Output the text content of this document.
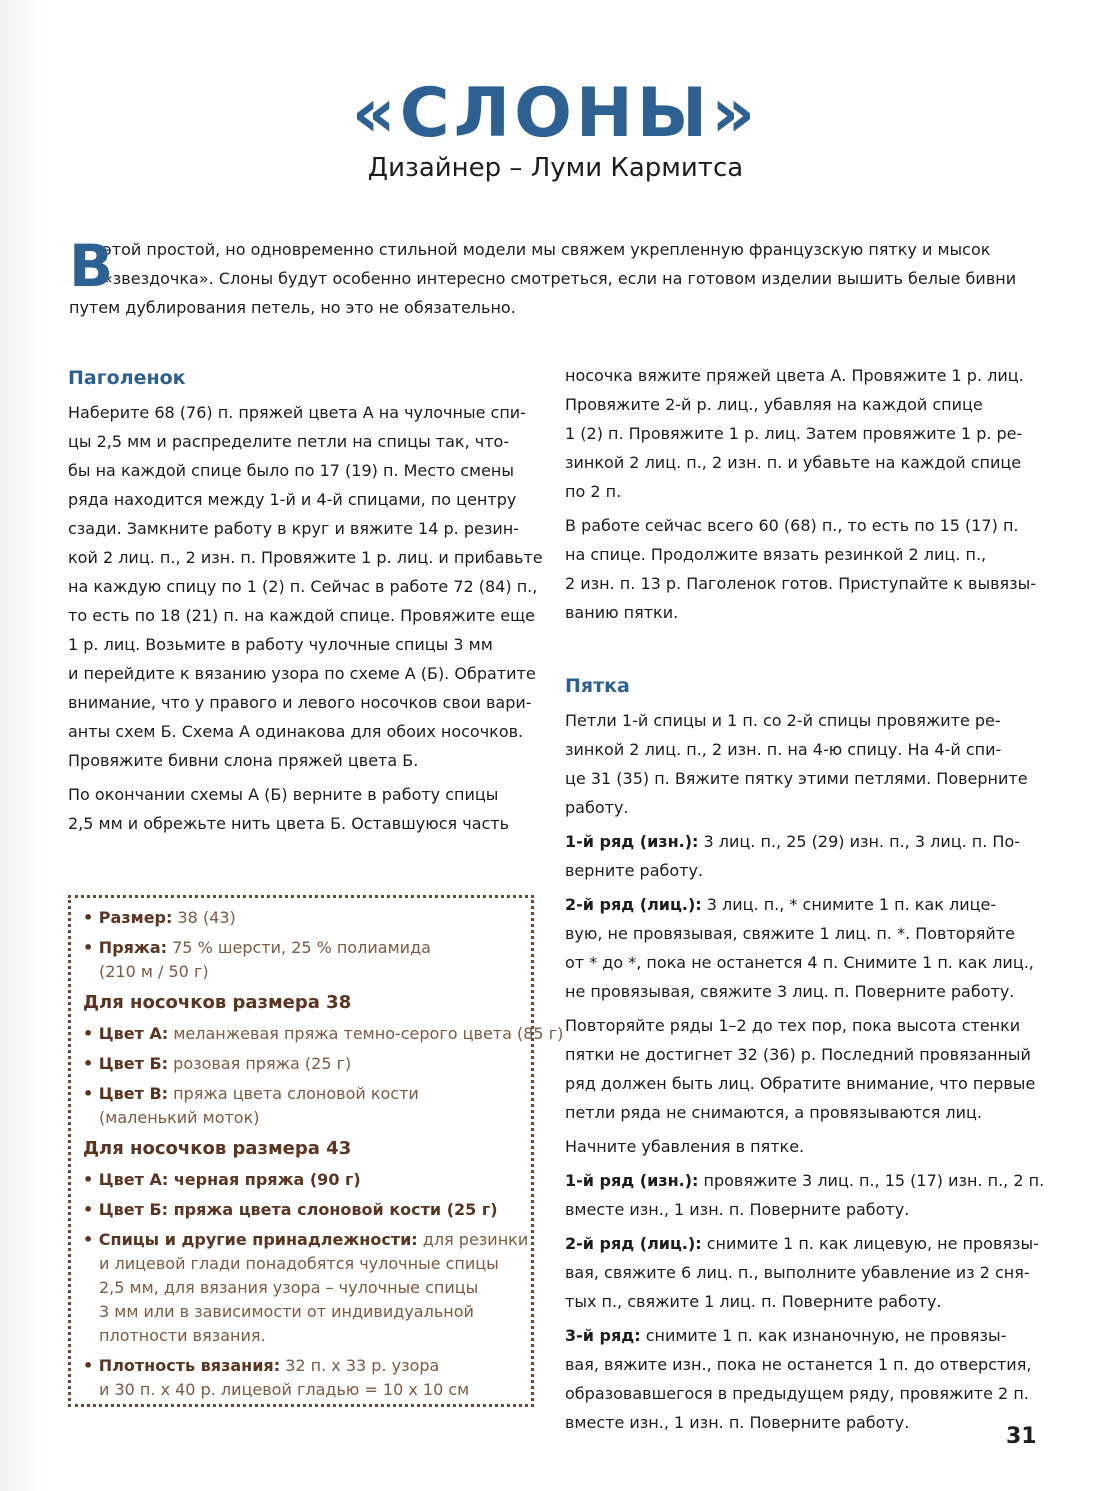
«СЛОНЫ»
Дизайнер – Луми Кармитса
В
этой простой, но одновременно стильной модели мы свяжем укрепленную французскую пятку и мысок
«звездочка». Слоны будут особенно интересно смотреться, если на готовом изделии вышить белые бивни
путем дублирования петель, но это не обязательно.
Паголенок

Наберите 68 (76) п. пряжей цвета А на чулочные спи-
цы 2,5 мм и распределите петли на спицы так, что-
бы на каждой спице было по 17 (19) п. Место смены
ряда находится между 1-й и 4-й спицами, по центру
сзади. Замкните работу в круг и вяжите 14 р. резин-
кой 2 лиц. п., 2 изн. п. Провяжите 1 р. лиц. и прибавьте
на каждую спицу по 1 (2) п. Сейчас в работе 72 (84) п.,
то есть по 18 (21) п. на каждой спице. Провяжите еще
1 р. лиц. Возьмите в работу чулочные спицы 3 мм
и перейдите к вязанию узора по схеме А (Б). Обратите
внимание, что у правого и левого носочков свои вари-
анты схем Б. Схема А одинакова для обоих носочков.
Провяжите бивни слона пряжей цвета Б.

По окончании схемы А (Б) верните в работу спицы
2,5 мм и обрежьте нить цвета Б. Оставшуюся часть

• Размер: 38 (43)
• Пряжа: 75 % шерсти, 25 % полиамида
(210 м / 50 г)
Для носочков размера 38
• Цвет А: меланжевая пряжа темно-серого цвета (85 г)
• Цвет Б: розовая пряжа (25 г)
• Цвет В: пряжа цвета слоновой кости
(маленький моток)
Для носочков размера 43
• Цвет А: черная пряжа (90 г)
• Цвет Б: пряжа цвета слоновой кости (25 г)
• Спицы и другие принадлежности: для резинки
и лицевой глади понадобятся чулочные спицы
2,5 мм, для вязания узора – чулочные спицы
3 мм или в зависимости от индивидуальной
плотности вязания.
• Плотность вязания: 32 п. х 33 р. узора
и 30 п. х 40 р. лицевой гладью = 10 х 10 см

носочка вяжите пряжей цвета А. Провяжите 1 р. лиц.
Провяжите 2-й р. лиц., убавляя на каждой спице
1 (2) п. Провяжите 1 р. лиц. Затем провяжите 1 р. ре-
зинкой 2 лиц. п., 2 изн. п. и убавьте на каждой спице
по 2 п.

В работе сейчас всего 60 (68) п., то есть по 15 (17) п.
на спице. Продолжите вязать резинкой 2 лиц. п.,
2 изн. п. 13 р. Паголенок готов. Приступайте к вывязы-
ванию пятки.

Пятка

Петли 1-й спицы и 1 п. со 2-й спицы провяжите ре-
зинкой 2 лиц. п., 2 изн. п. на 4-ю спицу. На 4-й спи-
це 31 (35) п. Вяжите пятку этими петлями. Поверните
работу.

1-й ряд (изн.): 3 лиц. п., 25 (29) изн. п., 3 лиц. п. По-
верните работу.

2-й ряд (лиц.): 3 лиц. п., * снимите 1 п. как лице-
вую, не провязывая, свяжите 1 лиц. п. *. Повторяйте
от * до *, пока не останется 4 п. Снимите 1 п. как лиц.,
не провязывая, свяжите 3 лиц. п. Поверните работу.

Повторяйте ряды 1–2 до тех пор, пока высота стенки
пятки не достигнет 32 (36) р. Последний провязанный
ряд должен быть лиц. Обратите внимание, что первые
петли ряда не снимаются, а провязываются лиц.

Начните убавления в пятке.

1-й ряд (изн.): провяжите 3 лиц. п., 15 (17) изн. п., 2 п.
вместе изн., 1 изн. п. Поверните работу.

2-й ряд (лиц.): снимите 1 п. как лицевую, не провязы-
вая, свяжите 6 лиц. п., выполните убавление из 2 сня-
тых п., свяжите 1 лиц. п. Поверните работу.

3-й ряд: снимите 1 п. как изнаночную, не провязы-
вая, вяжите изн., пока не останется 1 п. до отверстия,
образовавшегося в предыдущем ряду, провяжите 2 п.
вместе изн., 1 изн. п. Поверните работу.

31
